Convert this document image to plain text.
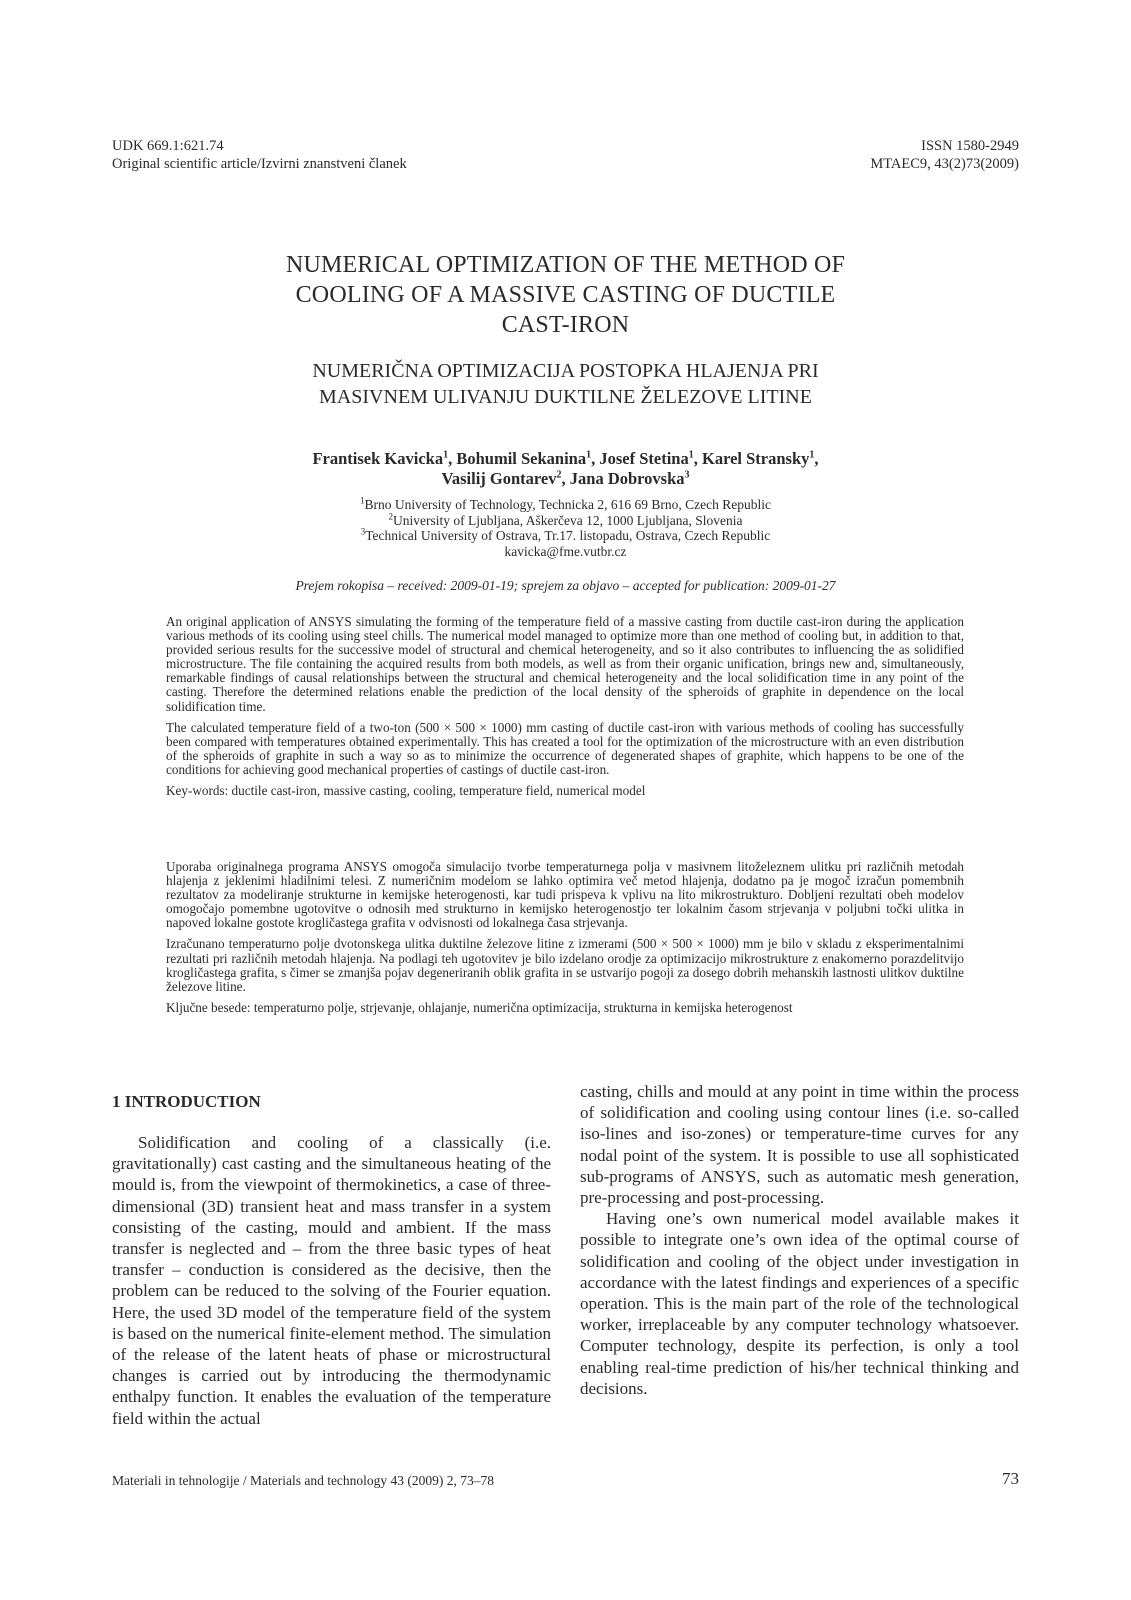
UDK 669.1:621.74
Original scientific article/Izvirni znanstveni članek
ISSN 1580-2949
MTAEC9, 43(2)73(2009)
NUMERICAL OPTIMIZATION OF THE METHOD OF
COOLING OF A MASSIVE CASTING OF DUCTILE
CAST-IRON
NUMERIČNA OPTIMIZACIJA POSTOPKA HLAJENJA PRI
MASIVNEM ULIVANJU DUKTILNE ŽELEZOVE LITINE
Frantisek Kavicka$^1$, Bohumil Sekanina$^1$, Josef Stetina$^1$, Karel Stransky$^1$,
Vasilij Gontarev$^2$, Jana Dobrovska$^3$
$^1$Brno University of Technology, Technicka 2, 616 69 Brno, Czech Republic
$^2$University of Ljubljana, Aškerčeva 12, 1000 Ljubljana, Slovenia
$^3$Technical University of Ostrava, Tr.17. listopadu, Ostrava, Czech Republic
kavicka@fme.vutbr.cz
Prejem rokopisa – received: 2009-01-19; sprejem za objavo – accepted for publication: 2009-01-27

An original application of ANSYS simulating the forming of the temperature field of a massive casting from ductile cast-iron during the application various methods of its cooling using steel chills. The numerical model managed to optimize more than one method of cooling but, in addition to that, provided serious results for the successive model of structural and chemical heterogeneity, and so it also contributes to influencing the as solidified microstructure. The file containing the acquired results from both models, as well as from their organic unification, brings new and, simultaneously, remarkable findings of causal relationships between the structural and chemical heterogeneity and the local solidification time in any point of the casting. Therefore the determined relations enable the prediction of the local density of the spheroids of graphite in dependence on the local solidification time.

The calculated temperature field of a two-ton (500 × 500 × 1000) mm casting of ductile cast-iron with various methods of cooling has successfully been compared with temperatures obtained experimentally. This has created a tool for the optimization of the microstructure with an even distribution of the spheroids of graphite in such a way so as to minimize the occurrence of degenerated shapes of graphite, which happens to be one of the conditions for achieving good mechanical properties of castings of ductile cast-iron.

Key-words: ductile cast-iron, massive casting, cooling, temperature field, numerical model

Uporaba originalnega programa ANSYS omogoča simulacijo tvorbe temperaturnega polja v masivnem litoželeznem ulitku pri različnih metodah hlajenja z jeklenimi hladilnimi telesi. Z numeričnim modelom se lahko optimira več metod hlajenja, dodatno pa je mogoč izračun pomembnih rezultatov za modeliranje strukturne in kemijske heterogenosti, kar tudi prispeva k vplivu na lito mikrostrukturo. Dobljeni rezultati obeh modelov omogočajo pomembne ugotovitve o odnosih med strukturno in kemijsko heterogenostjo ter lokalnim časom strjevanja v poljubni točki ulitka in napoved lokalne gostote krogličastega grafita v odvisnosti od lokalnega časa strjevanja.

Izračunano temperaturno polje dvotonskega ulitka duktilne železove litine z izmerami (500 × 500 × 1000) mm je bilo v skladu z eksperimentalnimi rezultati pri različnih metodah hlajenja. Na podlagi teh ugotovitev je bilo izdelano orodje za optimizacijo mikrostrukture z enakomerno porazdelitvijo krogličastega grafita, s čimer se zmanjša pojav degeneriranih oblik grafita in se ustvarijo pogoji za dosego dobrih mehanskih lastnosti ulitkov duktilne železove litine.

Ključne besede: temperaturno polje, strjevanje, ohlajanje, numerična optimizacija, strukturna in kemijska heterogenost

1 INTRODUCTION

Solidification and cooling of a classically (i.e. gravitationally) cast casting and the simultaneous heating of the mould is, from the viewpoint of thermokinetics, a case of three-dimensional (3D) transient heat and mass transfer in a system consisting of the casting, mould and ambient. If the mass transfer is neglected and – from the three basic types of heat transfer – conduction is considered as the decisive, then the problem can be reduced to the solving of the Fourier equation. Here, the used 3D model of the temperature field of the system is based on the numerical finite-element method. The simulation of the release of the latent heats of phase or microstructural changes is carried out by introducing the thermodynamic enthalpy function. It enables the evaluation of the temperature field within the actual

casting, chills and mould at any point in time within the process of solidification and cooling using contour lines (i.e. so-called iso-lines and iso-zones) or temperature-time curves for any nodal point of the system. It is possible to use all sophisticated sub-programs of ANSYS, such as automatic mesh generation, pre-processing and post-processing.

Having one’s own numerical model available makes it possible to integrate one’s own idea of the optimal course of solidification and cooling of the object under investigation in accordance with the latest findings and experiences of a specific operation. This is the main part of the role of the technological worker, irreplaceable by any computer technology whatsoever. Computer technology, despite its perfection, is only a tool enabling real-time prediction of his/her technical thinking and decisions.

Materiali in tehnologije / Materials and technology 43 (2009) 2, 73–78	73
